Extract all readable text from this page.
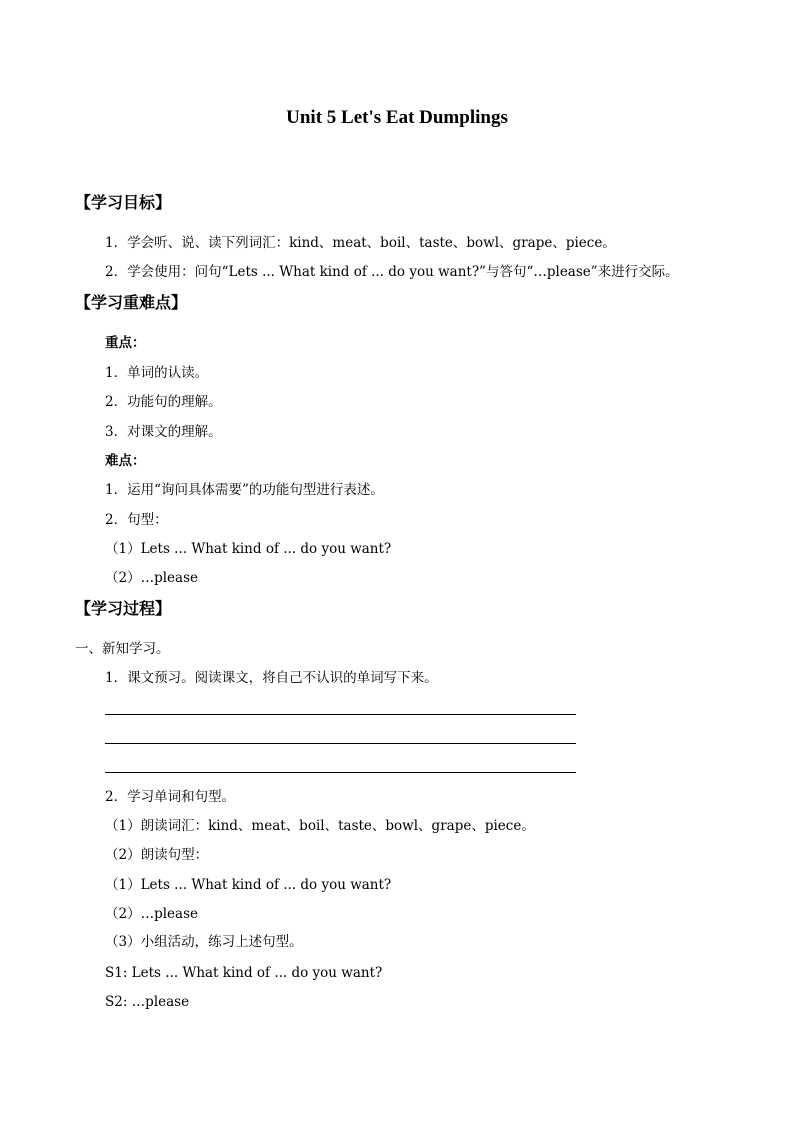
Unit 5 Let's Eat Dumplings
【学习目标】
1．学会听、说、读下列词汇：kind、meat、boil、taste、bowl、grape、piece。
2．学会使用：问句“Lets ... What kind of ... do you want?”与答句“…please”来进行交际。
【学习重难点】
重点：
1．单词的认读。
2．功能句的理解。
3．对课文的理解。
难点：
1．运用“询问具体需要”的功能句型进行表述。
2．句型：
（1）Lets ... What kind of ... do you want?
（2）…please
【学习过程】
一、新知学习。
1．课文预习。阅读课文，将自己不认识的单词写下来。
2．学习单词和句型。
（1）朗读词汇：kind、meat、boil、taste、bowl、grape、piece。
（2）朗读句型：
（1）Lets ... What kind of ... do you want?
（2）…please
（3）小组活动，练习上述句型。
S1: Lets ... What kind of ... do you want?
S2: …please
